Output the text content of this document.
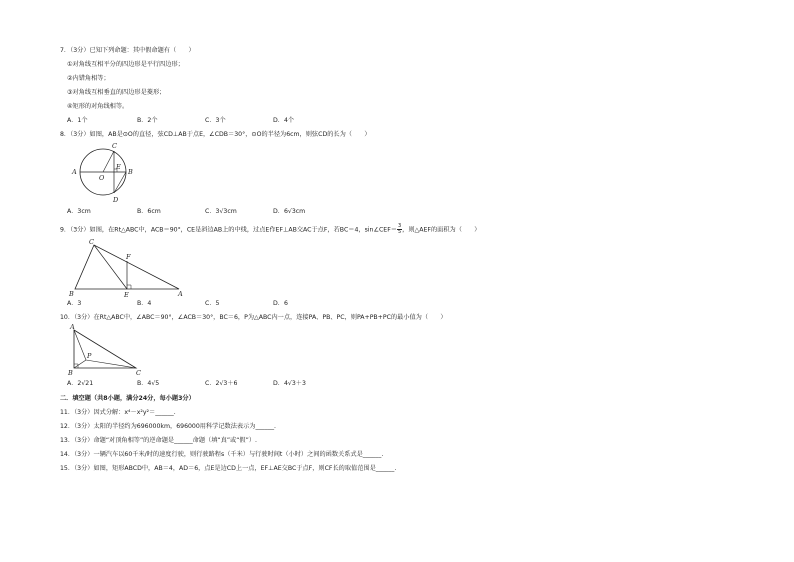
7．（3分）已知下列命题：其中假命题有（　　）
①对角线互相平分的四边形是平行四边形；
②内错角相等；
③对角线互相垂直的四边形是菱形；
④矩形的对角线相等。
A．1个	B．2个	C．3个	D．4个
8．（3分）如图，AB是⊙O的直径，弦CD⊥AB于点E，∠CDB＝30°，⊙O的半径为6cm，则弦CD的长为（　　）
C
A
O
E
B
D
A．3cm	B．6cm	C．3√3cm	D．6√3cm
9．（3分）如图，在Rt△ABC中，ACB＝90°，CE是斜边AB上的中线，过点E作EF⊥AB交AC于点F，若BC＝4，sin∠CEF＝ $\frac{3}{5}$ ，则△AEF的面积为（　　）
C
F
B	E	A
A．3	B．4	C．5	D．6
10．（3分）在Rt△ABC中，∠ABC＝90°，∠ACB＝30°，BC＝6，P为△ABC内一点，连接PA、PB、PC，则PA+PB+PC的最小值为（　　）
A
P
B	C
A．2√21	B．4√5	C．2√3＋6	D．4√3＋3
二．填空题（共8小题，满分24分，每小题3分）
11．（3分）因式分解：x⁴－x²y²＝______.
12．（3分）太阳的半径约为696000km，696000用科学记数法表示为______.
13．（3分）命题“对顶角相等”的逆命题是______命题（填“真”或“假”）.
14．（3分）一辆汽车以60千米/时的速度行驶，则行驶路程s（千米）与行驶时间t（小时）之间的函数关系式是______.
15．（3分）如图，矩形ABCD中，AB＝4，AD＝6，点E是边CD上一点，EF⊥AE交BC于点F，则CF长的取值范围是______.
